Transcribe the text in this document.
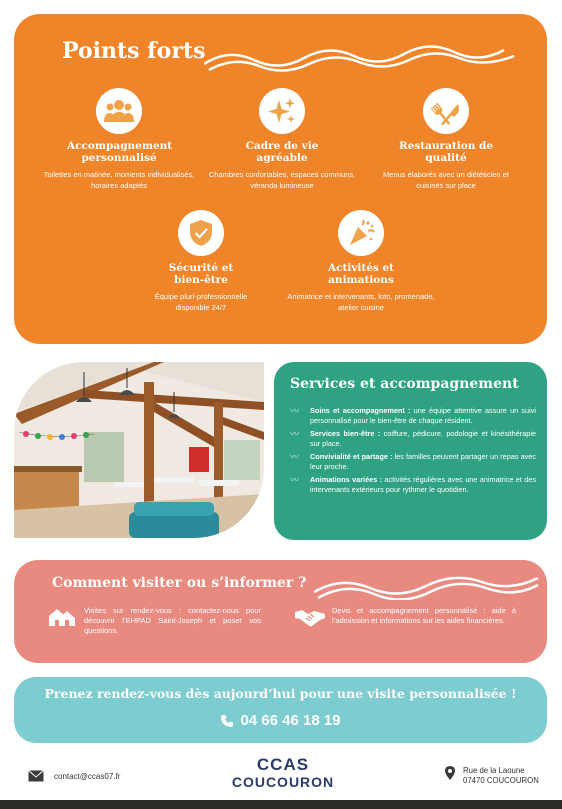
Points forts
Accompagnement personnalisé
Toilettes en matinée, moments individualisés, horaires adaptés
Cadre de vie agréable
Chambres confortables, espaces communs, véranda lumineuse
Restauration de qualité
Menus élaborés avec un diététicien et cuisinés sur place
Sécurité et bien-être
Équipe pluri-professionnelle disponible 24/7
Activités et animations
Animatrice et intervenants, loto, promenade, atelier cuisine
Services et accompagnement
〰	Soins et accompagnement : une équipe attentive assure un suivi personnalisé pour le bien-être de chaque résident.
〰	Services bien-être : coiffure, pédicure, podologie et kinésithérapie sur place.
〰	Convivialité et partage : les familles peuvent partager un repas avec leur proche.
〰	Animations variées : activités régulières avec une animatrice et des intervenants extérieurs pour rythmer le quotidien.
Comment visiter ou s’informer ?
Visites sur rendez-vous : contactez-nous pour découvrir l’EHPAD Saint-Joseph et poser vos questions.
Devis et accompagnement personnalisé : aide à l’admission et informations sur les aides financières.
Prenez rendez-vous dès aujourd’hui pour une visite personnalisée !
04 66 46 18 19
contact@ccas07.fr
CCAS
COUCOURON
Rue de la Laoune
07470 COUCOURON
